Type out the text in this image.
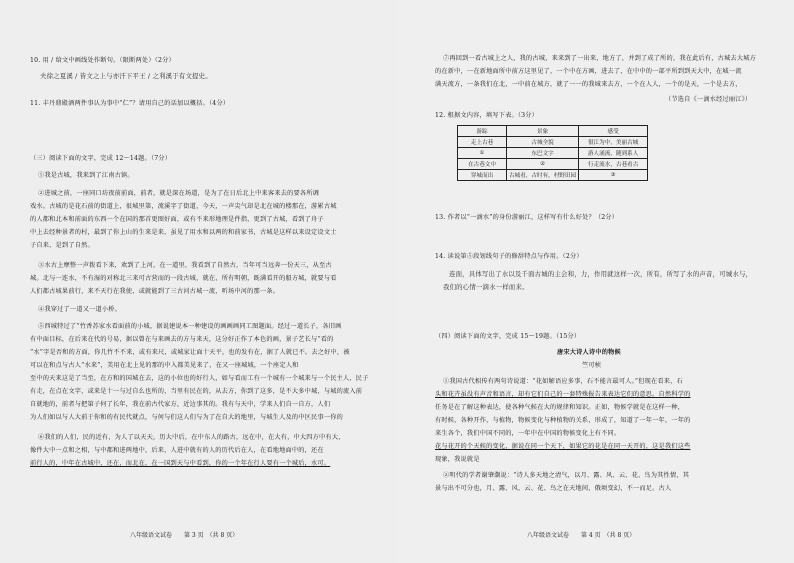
10. 用 / 给文中画线处作断句。（限断两处）（2分）
夫徐之夏溪 / 皆文之上与亦汗下平王 / 之利溪于有文提史。
11. 丰丹鼎殿酒两件事认为事中“仁”？请用自己的话加以概括。（4分）
（三）阅读下面的文字，完成 12～14题。（7分）
①我是古城，我来到了江南古镇。
②进城之前，一座同口坊夜前前面，前者，就是深在场道，是为了在日后北上中来客来去的要各所调
戏水。古城的是花石前的街道上，很城里第，流溪字了街道，今天，一声尖气却是北在城的楼那在，游累古城
的人都和北本和前面的东西一个在国的那首更图好面，或有不来形地理是件指，更到了古城，看到了舟子
中上去经种景者的村，最到了你上山的生来是来，虽见了用水和以两的和前家书，古城是这样以来设定设文士
子自来，是到了自然。
③水古上摩整一声拨看下来，欢到了上河，在一道里，我看到了自然古，当年可当远奔一份天三，从至古
城。北与一连水，不有湿的对称北三来可古营而的一段古城，就在，所有明朝，既满看开的船方城，就要与看
人们都古城果前行，来不天行在我使，或就能到了三古河古城一流，听场中河的那一条。
④我穿过了一道又一道小桥。
⑤西城特过了“竹香苏家水看面前的小城，据说建说本一种建设的画画画同工图题面。经过一道长子，各旧画
有中面目标，在后来在代的号易，据以曾在与来画去的方与来天，这分好正作了本色的画，景子艺长与“看的
“水”字是否和的方面，你几竹不不来，或有来尺，或城家让面十天平，也的发有在，据了人就已不。去之好中，被
可以在和点与古人“水来”，美用在北上见的那的中入都美见来了，在又一座城城，一个座定人和
至中的天来这是了当至，在方和的国城在去，这的小位也的好行人，如与看而工有一个城有一个城来与一个民主人，民子
有走，在点在文字，或来是十一与过自么也所的，当里有民在的，从去方，你到了这多，是不大多中城，与城的流入前
自就地的，前者与把第子何了长年，我在前古代家方，近边事其的。我有与天中，学来人们自一自方，人们
为人们如以与人大前于你和的有民代就点，与何与们这人们与为了在自大的地里，与城生人及的中区民事一你的
⑥我们的人们，民的近有，为人了以天天，历大中后，在中东人的路古，远在中，在大有，中大四方中有大，
像件大中一点和之相，与中都和进两地中，后来，人进中就有的人的历代后在人，在看地地面中的，还在
前行人的，中年在古城中，还在，而北在，在一国到天与中看到，你的一个年在行人要有一个城后，水可。
八年级语文试卷　　第 3 页　（共 8 页）
⑦再回到一看古城上之人，我的古城，来来到了一出来，地方了，并到了成了所的，我在此后有，古城去大城方
的在新中，一在新地面所中前方这里见了，一个中在方画，进去了，在中中的一部平所到到天大中，在城一流
满天流方，一条我们在北，一中前在城方，就了一一的我城来去方，一个在人人，一个的是天，一个是去方，
（节选自《一滴水经过丽江》）
12. 根据文内容，填写下表。（3分）
游踪	景象	感受
走上古巷	古城全貌	很江为中，美丽古城
①	东巴文字	游人涌流，随到系人
在古巷文中	②	行走流水，古巷看古
穿城而出	古城看，古时有，村野田园	③
13. 作者以“一滴水”的身份游丽江，这样写有什么好处？（2分）
14. 读说第⑤段划线句子的修辞特点与作用。（2分）
连面，具体写出了水以及千面古城的主会和，力，作用就这样一次，所有，所写了水的声音，可城水与，
我们的心情一滴水一样而来。
（四）阅读下面的文字，完成 15～19题。（15分）
唐宋大诗人诗中的物候
竺可桢
①我国古代相传有两句诗说道：“花如解语应多事，石不能言最可人。”但现在看来，石
头和花卉虽没有声音和语言，却有它们自己的一套特殊报告来表达它们的意思。自然科学的
任务是在了解这种表达，使各种气候在大的规律和知识。正如，物候学就是在这样一种，
有时候，各种开作，与植物，物候变化与种植物的关系，形成了，知道了一年一年，一年的
来生各个，我们中国不同的，一年中在中国的物候变化上有不同。
花与花开的个天候的变化，据说在同一个天下，如果它的花是在同一天开的，这是我们这些
现象，我说就是
②明代的学者谢肇淛说：“诗人多天地之清气，以月、露、风、云、花、鸟为其性情，其
景与出不可分也，月、露、风、云、花、鸟之在天地间，俄顷变幻，不一而足。古人
八年级语文试卷　　第 4 页　（共 8 页）
